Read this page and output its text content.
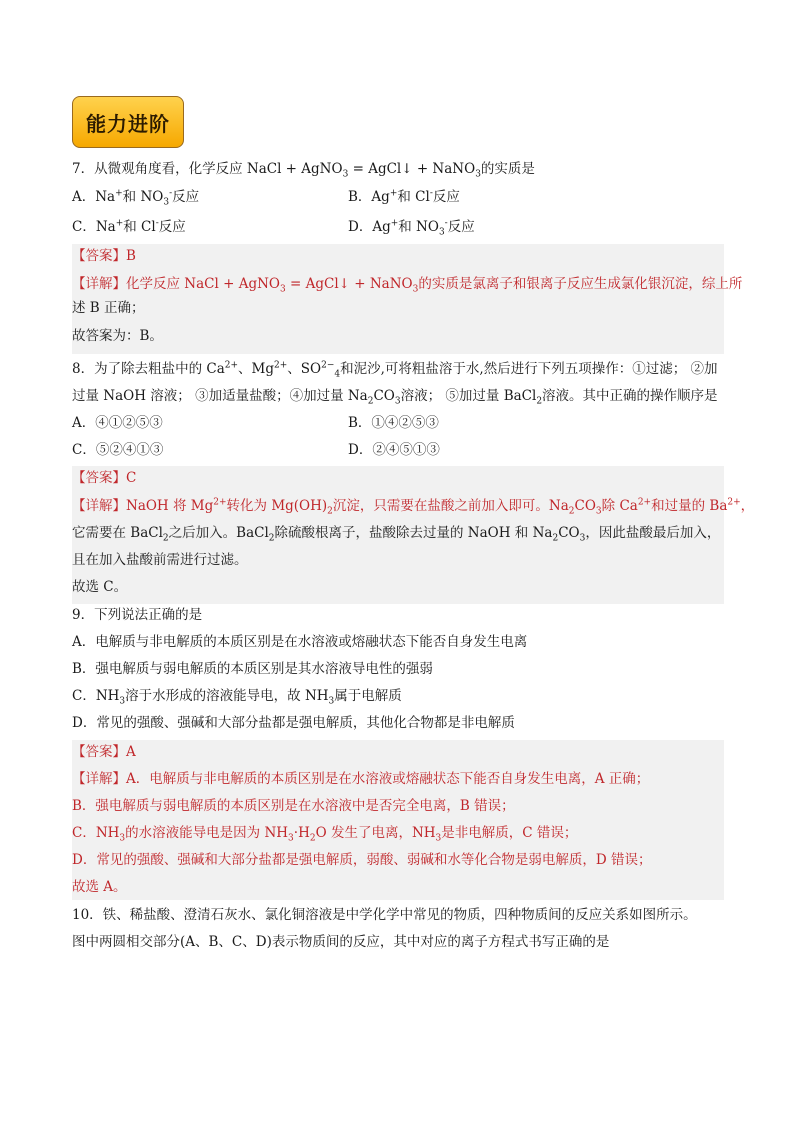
能力进阶
7．从微观角度看，化学反应 NaCl + AgNO$_3$ = AgCl↓ + NaNO$_3$的实质是
A．Na+和 $NO_3^-$反应	B．Ag+和 Cl-反应
C．Na+和 Cl-反应	D．Ag+和 $NO_3^-$反应
【答案】B
【详解】化学反应 NaCl + AgNO$_3$ = AgCl↓ + NaNO$_3$的实质是氯离子和银离子反应生成氯化银沉淀，综上所
述 B 正确；
故答案为：B。
8．为了除去粗盐中的 $Ca^{2+}$、$Mg^{2+}$、$SO^{2-}_4$和泥沙,可将粗盐溶于水,然后进行下列五项操作：①过滤； ②加
过量 NaOH 溶液； ③加适量盐酸；④加过量 $Na_2CO_3$溶液； ⑤加过量 BaCl$_2$溶液。其中正确的操作顺序是
A．④①②⑤③	B．①④②⑤③
C．⑤②④①③	D．②④⑤①③
【答案】C
【详解】NaOH 将 $Mg^{2+}$转化为 $Mg(OH)_2$沉淀，只需要在盐酸之前加入即可。$Na_2CO_3$除 $Ca^{2+}$和过量的 $Ba^{2+}$，
它需要在 BaCl$_2$之后加入。BaCl$_2$除硫酸根离子，盐酸除去过量的 NaOH 和 $Na_2CO_3$，因此盐酸最后加入，
且在加入盐酸前需进行过滤。
故选 C。
9．下列说法正确的是
A．电解质与非电解质的本质区别是在水溶液或熔融状态下能否自身发生电离
B．强电解质与弱电解质的本质区别是其水溶液导电性的强弱
C．$NH_3$溶于水形成的溶液能导电，故 $NH_3$属于电解质
D．常见的强酸、强碱和大部分盐都是强电解质，其他化合物都是非电解质
【答案】A
【详解】A．电解质与非电解质的本质区别是在水溶液或熔融状态下能否自身发生电离，A 正确；
B．强电解质与弱电解质的本质区别是在水溶液中是否完全电离，B 错误；
C．$NH_3$的水溶液能导电是因为 $NH_3\cdot H_2O$ 发生了电离，$NH_3$是非电解质，C 错误；
D．常见的强酸、强碱和大部分盐都是强电解质，弱酸、弱碱和水等化合物是弱电解质，D 错误；
故选 A。
10．铁、稀盐酸、澄清石灰水、氯化铜溶液是中学化学中常见的物质，四种物质间的反应关系如图所示。
图中两圆相交部分(A、B、C、D)表示物质间的反应，其中对应的离子方程式书写正确的是
